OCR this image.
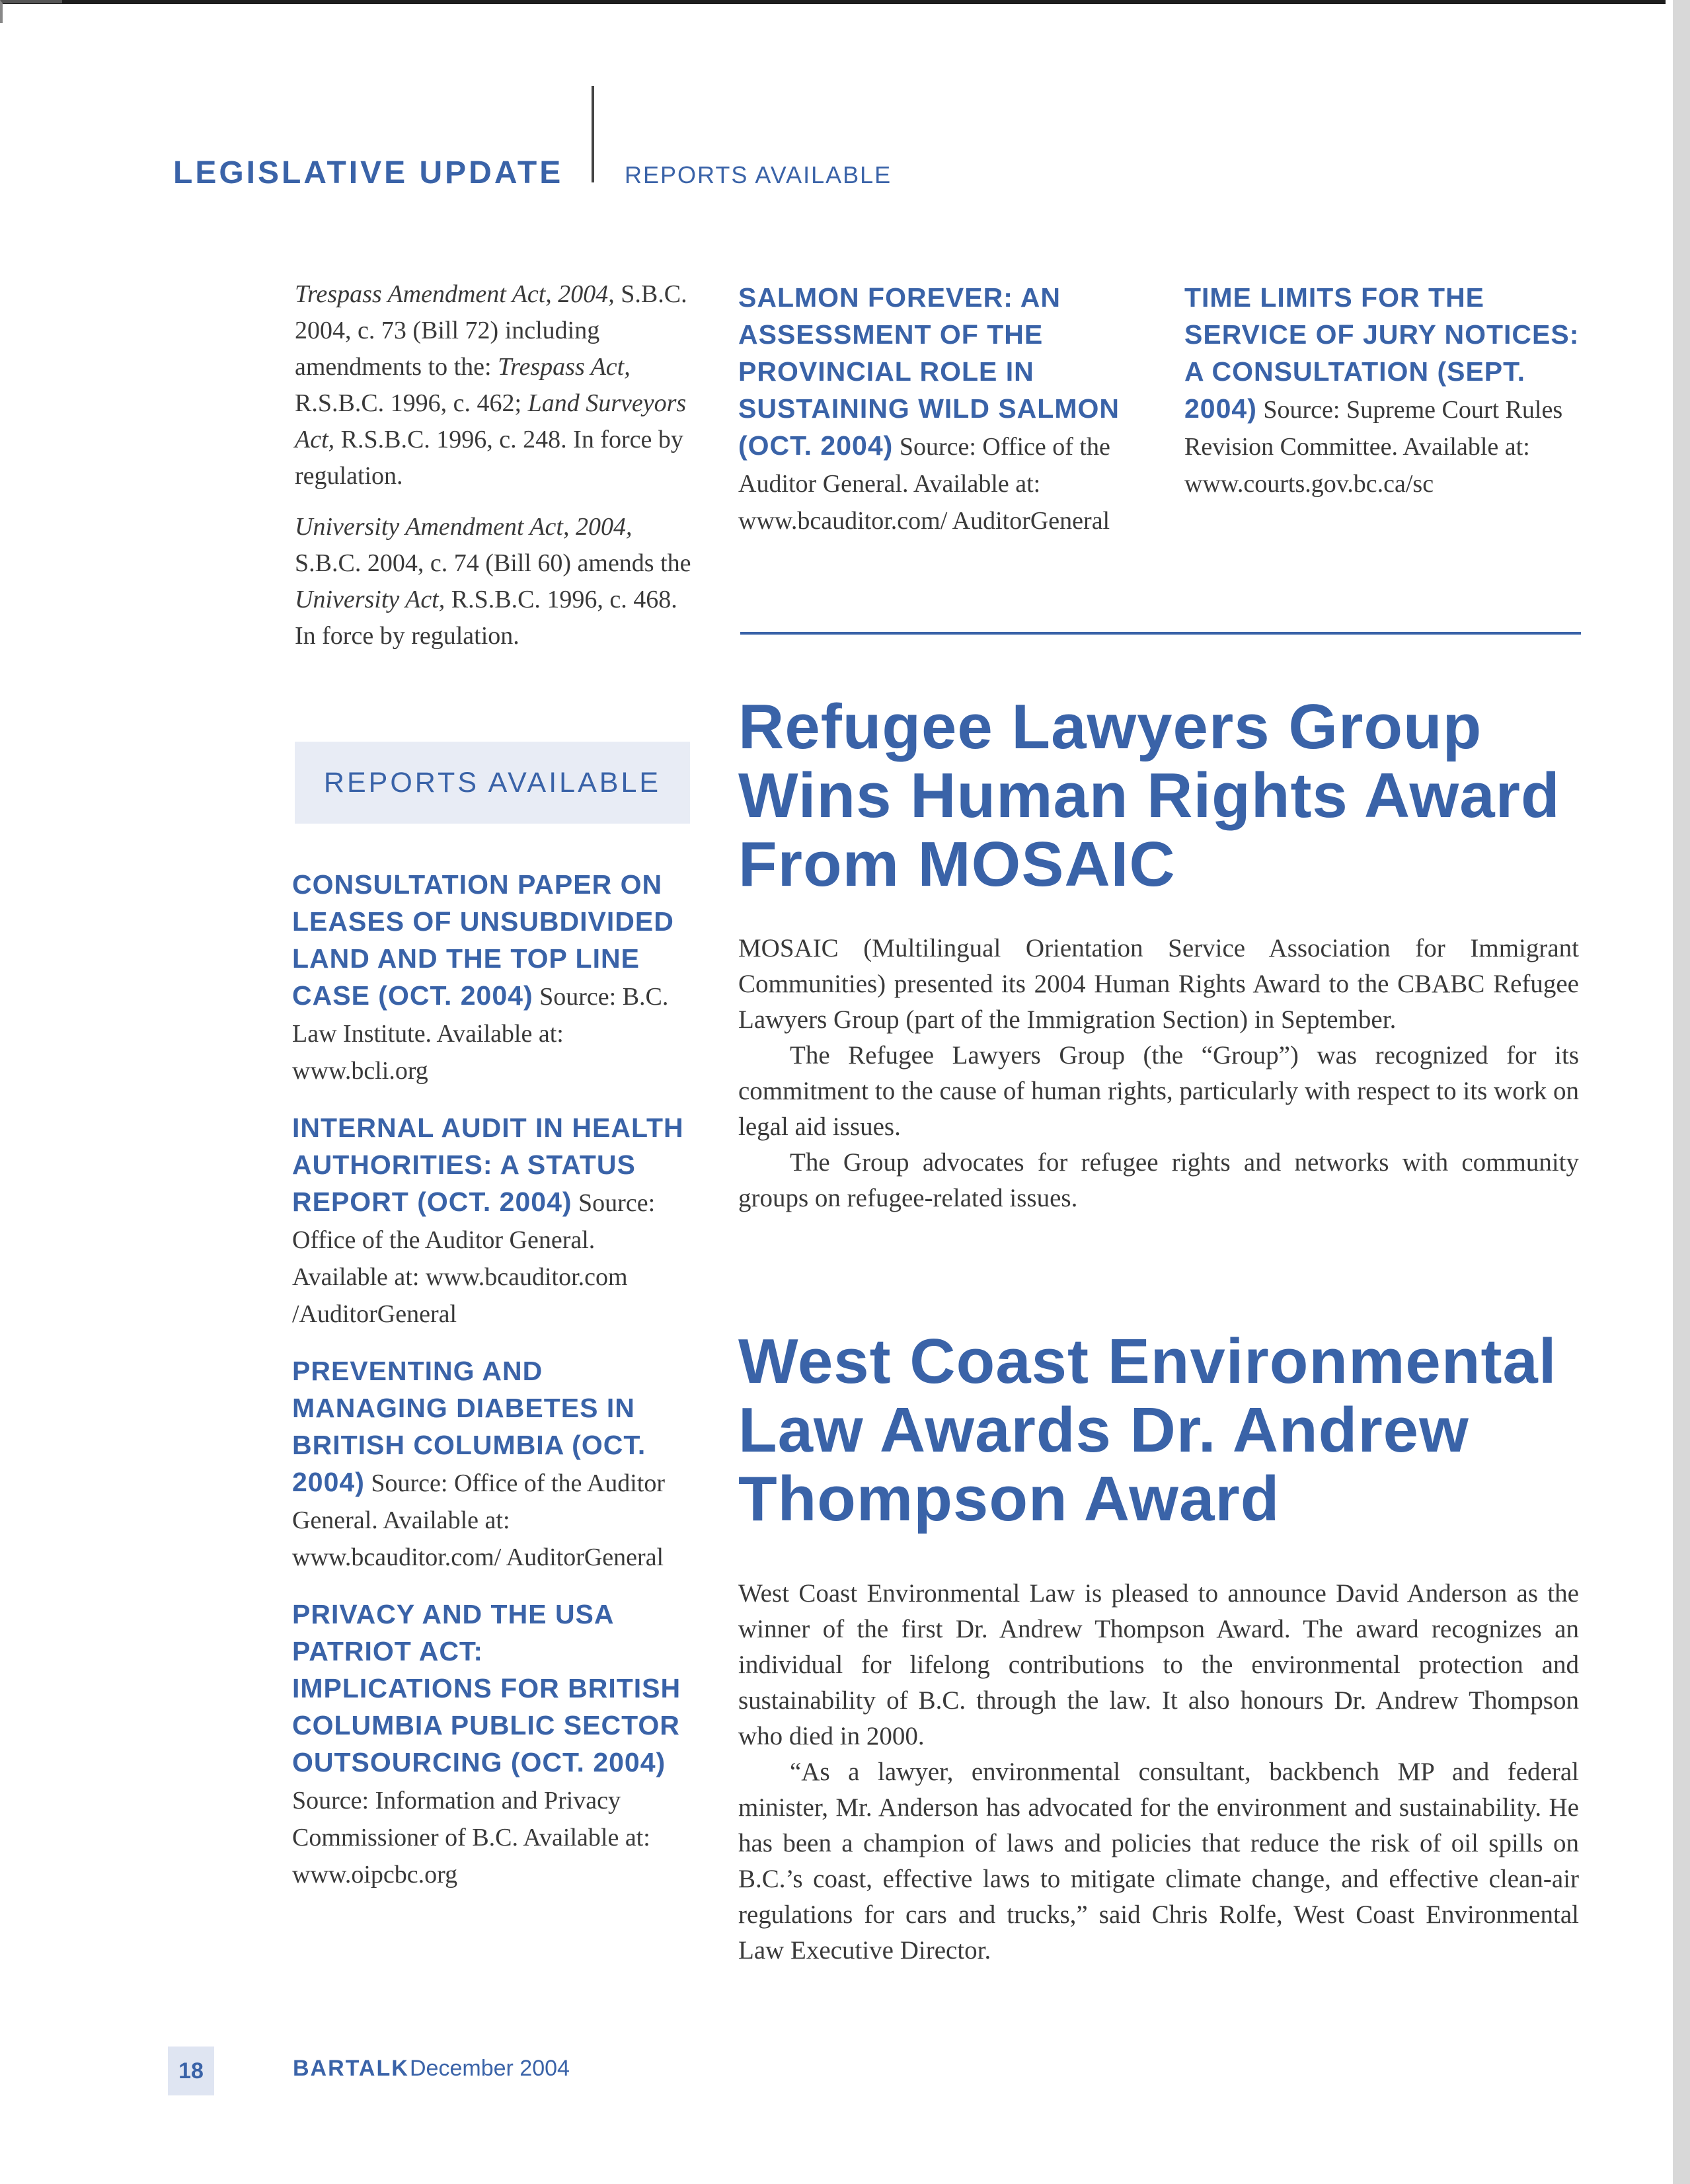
LEGISLATIVE UPDATE	REPORTS AVAILABLE
Trespass Amendment Act, 2004, S.B.C. 2004, c. 73 (Bill 72) including amendments to the: Trespass Act, R.S.B.C. 1996, c. 462; Land Surveyors Act, R.S.B.C. 1996, c. 248. In force by regulation.
University Amendment Act, 2004, S.B.C. 2004, c. 74 (Bill 60) amends the University Act, R.S.B.C. 1996, c. 468. In force by regulation.
REPORTS AVAILABLE
CONSULTATION PAPER ON LEASES OF UNSUBDIVIDED LAND AND THE TOP LINE CASE (OCT. 2004) Source: B.C. Law Institute. Available at: www.bcli.org
INTERNAL AUDIT IN HEALTH AUTHORITIES: A STATUS REPORT (OCT. 2004) Source: Office of the Auditor General. Available at: www.bcauditor.com /AuditorGeneral
PREVENTING AND MANAGING DIABETES IN BRITISH COLUMBIA (OCT. 2004) Source: Office of the Auditor General. Available at: www.bcauditor.com/ AuditorGeneral
PRIVACY AND THE USA PATRIOT ACT: IMPLICATIONS FOR BRITISH COLUMBIA PUBLIC SECTOR OUTSOURCING (OCT. 2004) Source: Information and Privacy Commissioner of B.C. Available at: www.oipcbc.org
SALMON FOREVER: AN ASSESSMENT OF THE PROVINCIAL ROLE IN SUSTAINING WILD SALMON (OCT. 2004) Source: Office of the Auditor General. Available at: www.bcauditor.com/ AuditorGeneral
TIME LIMITS FOR THE SERVICE OF JURY NOTICES: A CONSULTATION (SEPT. 2004) Source: Supreme Court Rules Revision Committee. Available at: www.courts.gov.bc.ca/sc
Refugee Lawyers Group
Wins Human Rights Award
From MOSAIC

MOSAIC (Multilingual Orientation Service Association for Immigrant Communities) presented its 2004 Human Rights Award to the CBABC Refugee Lawyers Group (part of the Immigration Section) in September.

The Refugee Lawyers Group (the “Group”) was recognized for its commitment to the cause of human rights, particularly with respect to its work on legal aid issues.

The Group advocates for refugee rights and networks with community groups on refugee-related issues.

West Coast Environmental
Law Awards Dr. Andrew
Thompson Award

West Coast Environmental Law is pleased to announce David Anderson as the winner of the first Dr. Andrew Thompson Award. The award recognizes an individual for lifelong contributions to the environmental protection and sustainability of B.C. through the law. It also honours Dr. Andrew Thompson who died in 2000.

“As a lawyer, environmental consultant, backbench MP and federal minister, Mr. Anderson has advocated for the environment and sustainability. He has been a champion of laws and policies that reduce the risk of oil spills on B.C.’s coast, effective laws to mitigate climate change, and effective clean-air regulations for cars and trucks,” said Chris Rolfe, West Coast Environmental Law Executive Director.

18	BARTALK December 2004
